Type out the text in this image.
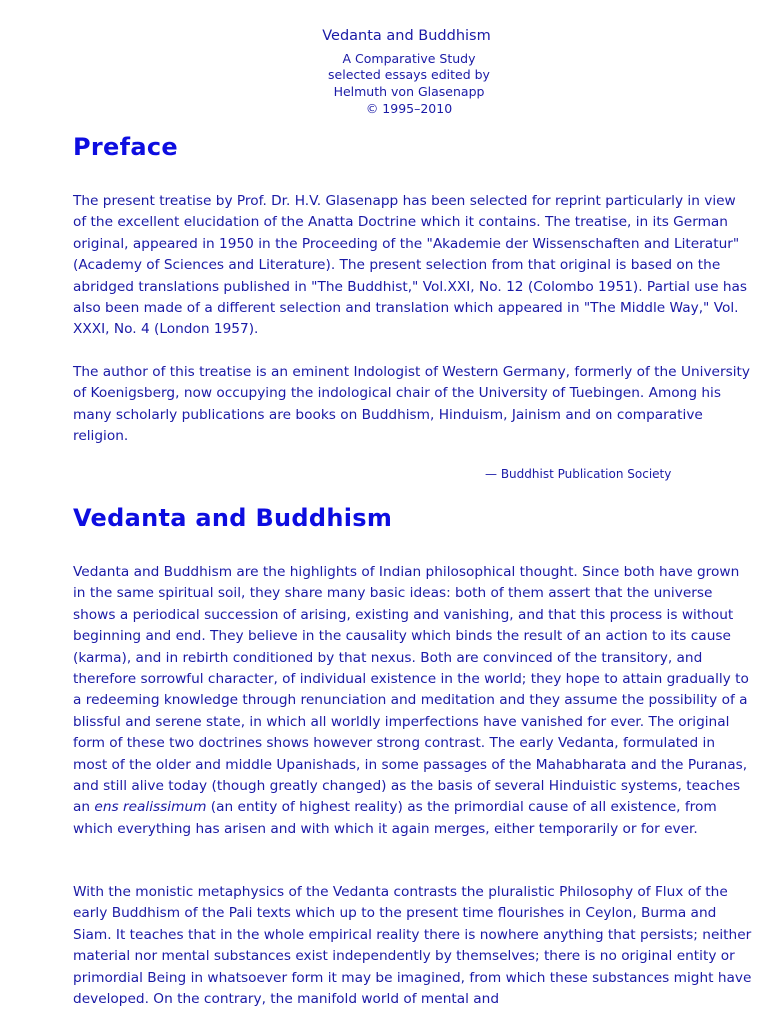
Vedanta and Buddhism
A Comparative Study
selected essays edited by
Helmuth von Glasenapp
© 1995–2010
Preface

The present treatise by Prof. Dr. H.V. Glasenapp has been selected for reprint particularly in view of the excellent elucidation of the Anatta Doctrine which it contains. The treatise, in its German original, appeared in 1950 in the Proceeding of the "Akademie der Wissenschaften and Literatur" (Academy of Sciences and Literature). The present selection from that original is based on the abridged translations published in "The Buddhist," Vol.XXI, No. 12 (Colombo 1951). Partial use has also been made of a different selection and translation which appeared in "The Middle Way," Vol. XXXI, No. 4 (London 1957).

The author of this treatise is an eminent Indologist of Western Germany, formerly of the University of Koenigsberg, now occupying the indological chair of the University of Tuebingen. Among his many scholarly publications are books on Buddhism, Hinduism, Jainism and on comparative religion.

— Buddhist Publication Society
Vedanta and Buddhism

Vedanta and Buddhism are the highlights of Indian philosophical thought. Since both have grown in the same spiritual soil, they share many basic ideas: both of them assert that the universe shows a periodical succession of arising, existing and vanishing, and that this process is without beginning and end. They believe in the causality which binds the result of an action to its cause (karma), and in rebirth conditioned by that nexus. Both are convinced of the transitory, and therefore sorrowful character, of individual existence in the world; they hope to attain gradually to a redeeming knowledge through renunciation and meditation and they assume the possibility of a blissful and serene state, in which all worldly imperfections have vanished for ever. The original form of these two doctrines shows however strong contrast. The early Vedanta, formulated in most of the older and middle Upanishads, in some passages of the Mahabharata and the Puranas, and still alive today (though greatly changed) as the basis of several Hinduistic systems, teaches an ens realissimum (an entity of highest reality) as the primordial cause of all existence, from which everything has arisen and with which it again merges, either temporarily or for ever.

With the monistic metaphysics of the Vedanta contrasts the pluralistic Philosophy of Flux of the early Buddhism of the Pali texts which up to the present time flourishes in Ceylon, Burma and Siam. It teaches that in the whole empirical reality there is nowhere anything that persists; neither material nor mental substances exist independently by themselves; there is no original entity or primordial Being in whatsoever form it may be imagined, from which these substances might have developed. On the contrary, the manifold world of mental and
